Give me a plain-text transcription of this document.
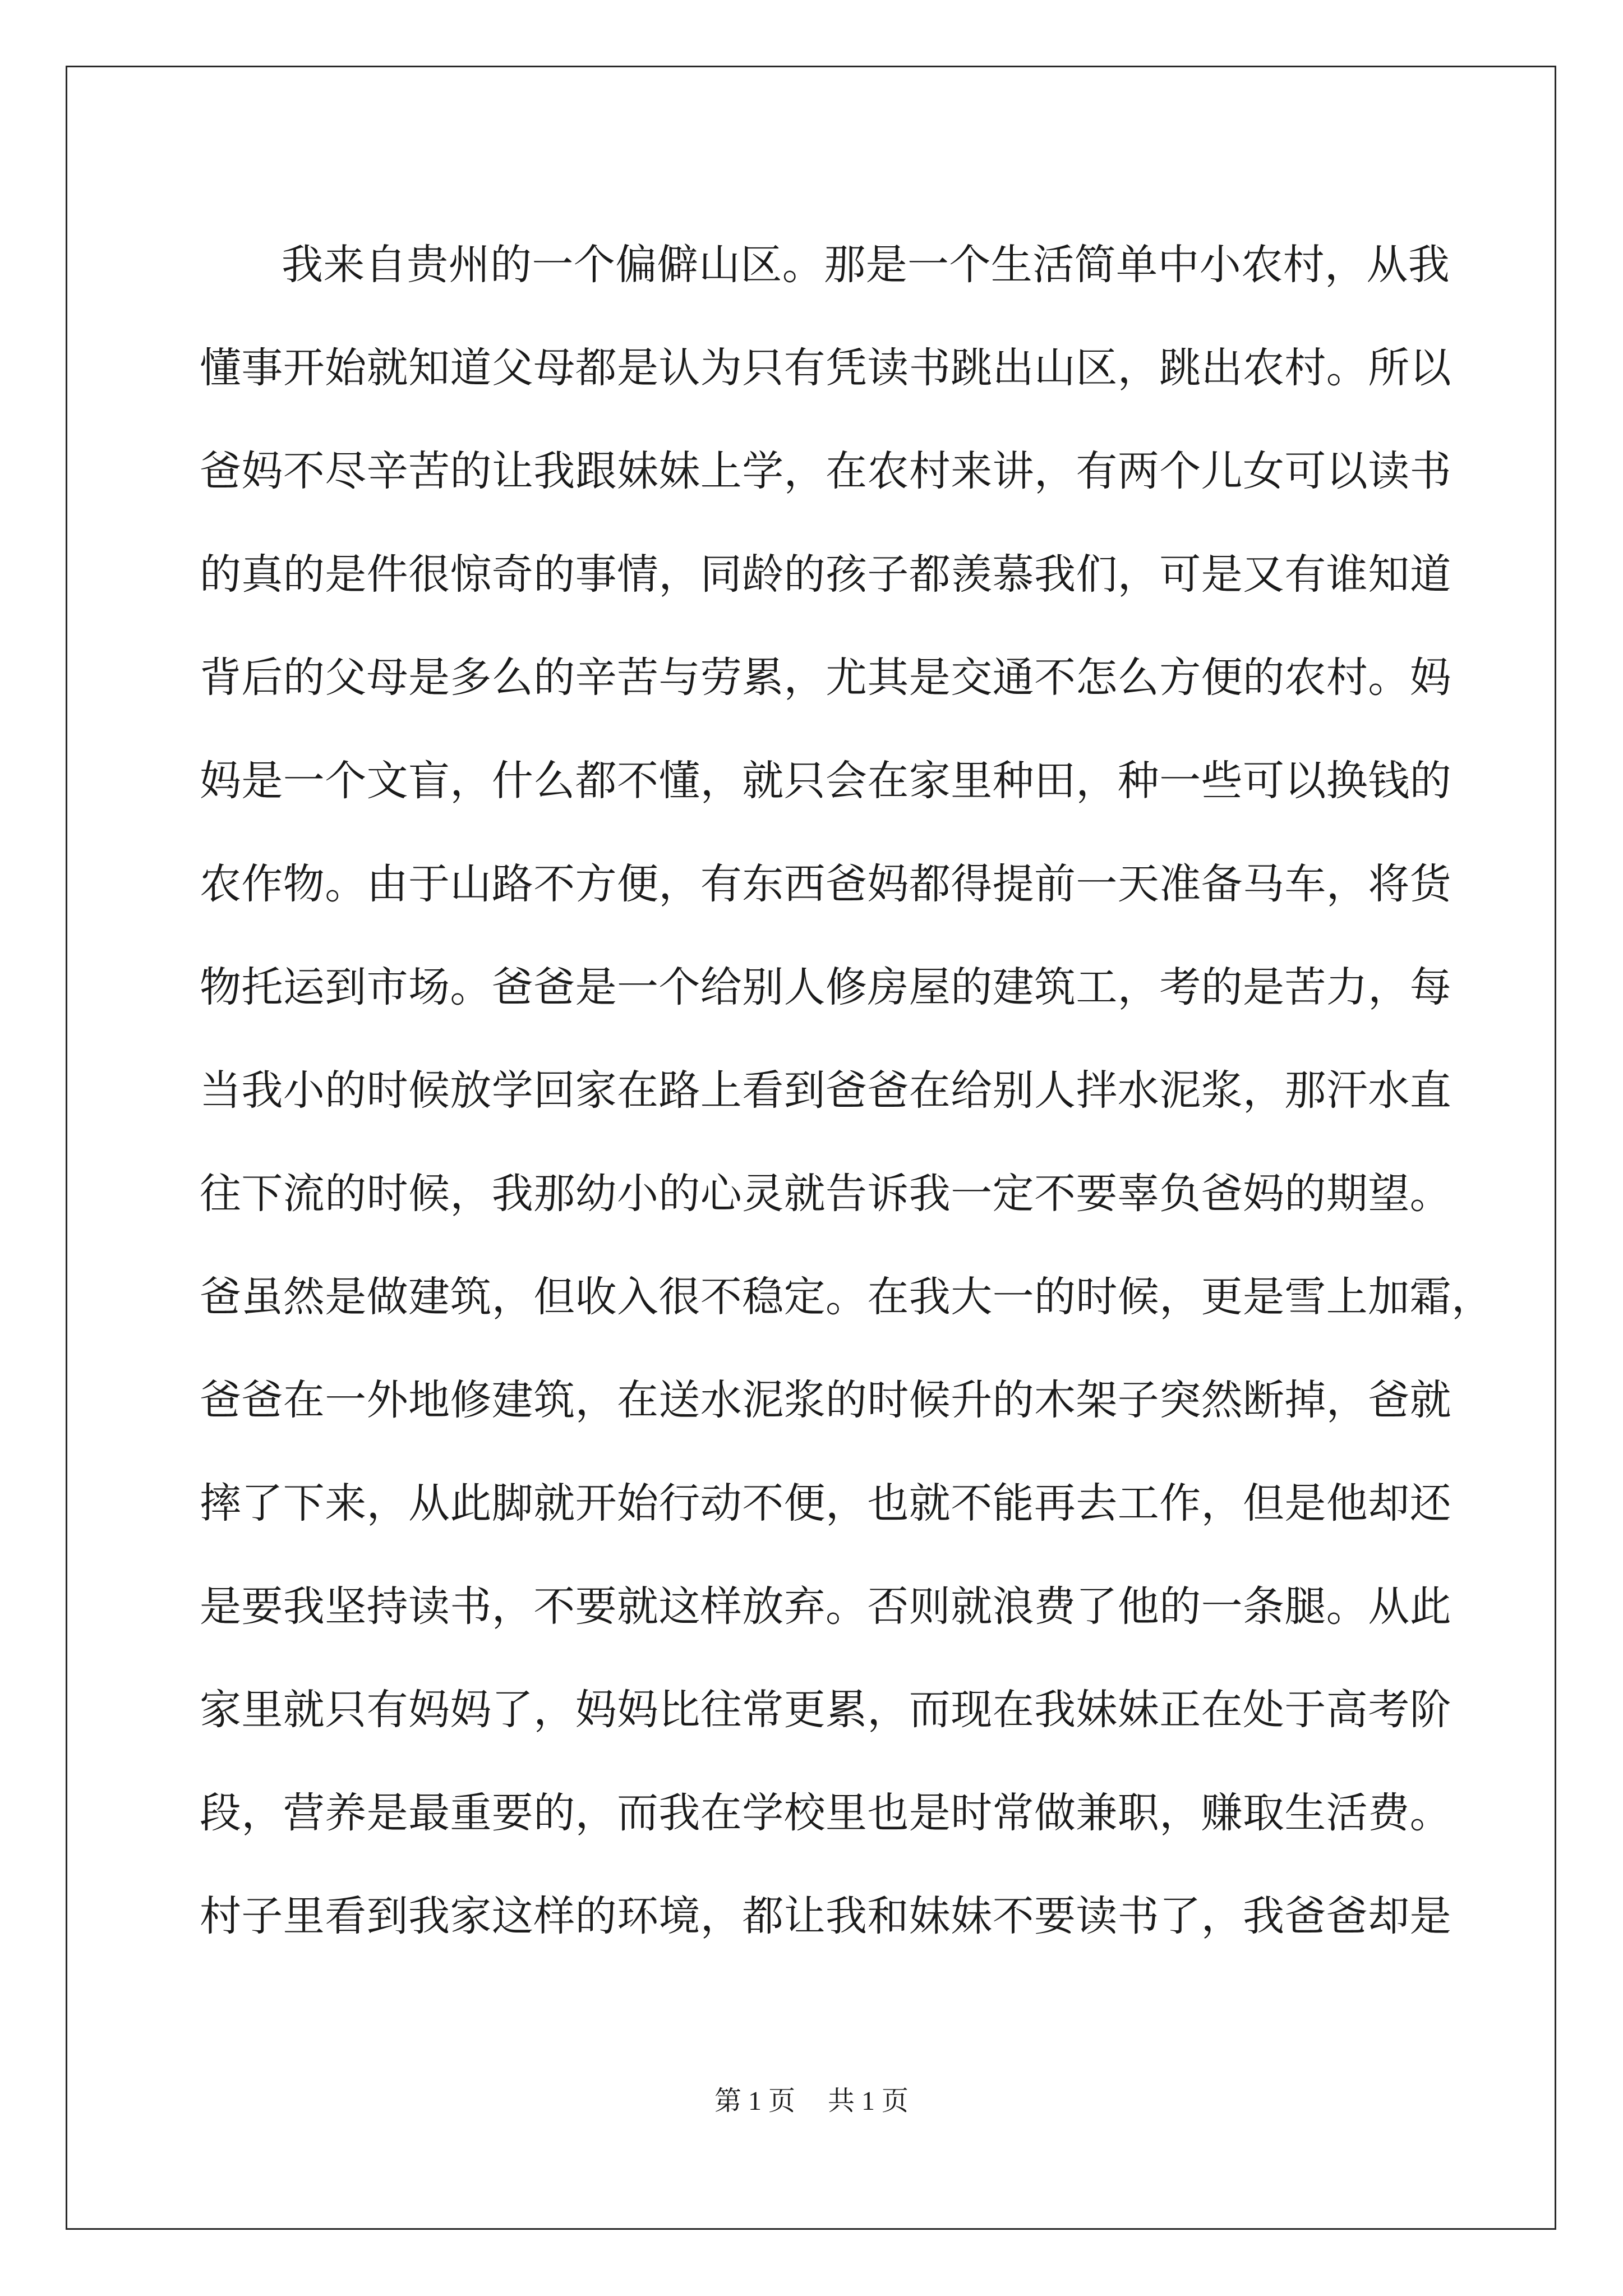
我来自贵州的一个偏僻山区。那是一个生活简单中小农村，从我
懂事开始就知道父母都是认为只有凭读书跳出山区，跳出农村。所以
爸妈不尽辛苦的让我跟妹妹上学，在农村来讲，有两个儿女可以读书
的真的是件很惊奇的事情，同龄的孩子都羡慕我们，可是又有谁知道
背后的父母是多么的辛苦与劳累，尤其是交通不怎么方便的农村。妈
妈是一个文盲，什么都不懂，就只会在家里种田，种一些可以换钱的
农作物。由于山路不方便，有东西爸妈都得提前一天准备马车，将货
物托运到市场。爸爸是一个给别人修房屋的建筑工，考的是苦力，每
当我小的时候放学回家在路上看到爸爸在给别人拌水泥浆，那汗水直
往下流的时候，我那幼小的心灵就告诉我一定不要辜负爸妈的期望。
爸虽然是做建筑，但收入很不稳定。在我大一的时候，更是雪上加霜，
爸爸在一外地修建筑，在送水泥浆的时候升的木架子突然断掉，爸就
摔了下来，从此脚就开始行动不便，也就不能再去工作，但是他却还
是要我坚持读书，不要就这样放弃。否则就浪费了他的一条腿。从此
家里就只有妈妈了，妈妈比往常更累，而现在我妹妹正在处于高考阶
段，营养是最重要的，而我在学校里也是时常做兼职，赚取生活费。
村子里看到我家这样的环境，都让我和妹妹不要读书了，我爸爸却是
第 1 页 共 1 页
